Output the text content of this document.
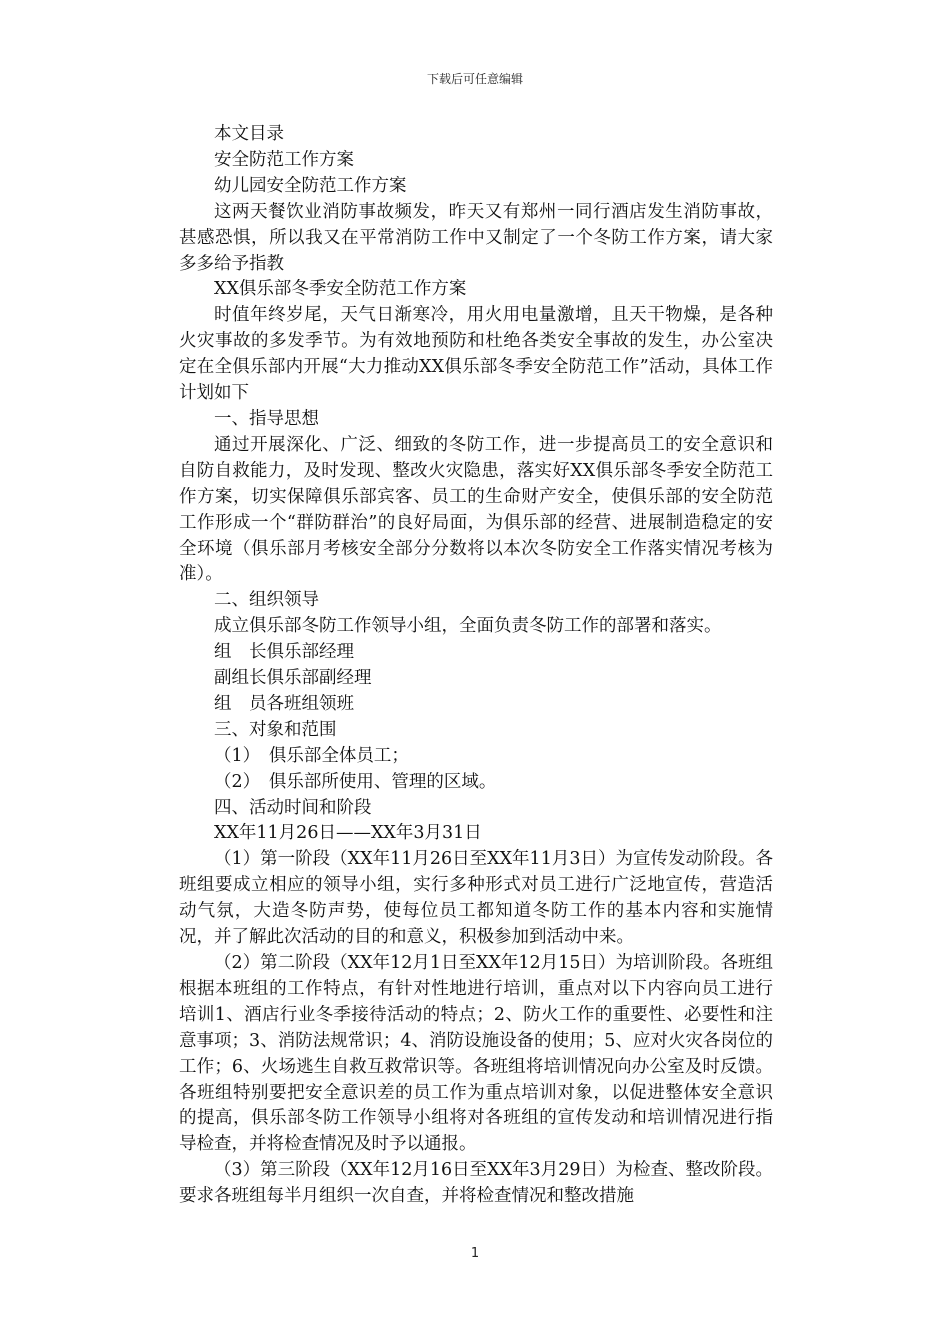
下载后可任意编辑

本文目录

安全防范工作方案

幼儿园安全防范工作方案

这两天餐饮业消防事故频发，昨天又有郑州一同行酒店发生消防事故，甚感恐惧，所以我又在平常消防工作中又制定了一个冬防工作方案，请大家多多给予指教

XX俱乐部冬季安全防范工作方案

时值年终岁尾，天气日渐寒冷，用火用电量激增，且天干物燥，是各种火灾事故的多发季节。为有效地预防和杜绝各类安全事故的发生，办公室决定在全俱乐部内开展“大力推动XX俱乐部冬季安全防范工作”活动，具体工作计划如下

一、指导思想

通过开展深化、广泛、细致的冬防工作，进一步提高员工的安全意识和自防自救能力，及时发现、整改火灾隐患，落实好XX俱乐部冬季安全防范工作方案，切实保障俱乐部宾客、员工的生命财产安全，使俱乐部的安全防范工作形成一个“群防群治”的良好局面，为俱乐部的经营、进展制造稳定的安全环境（俱乐部月考核安全部分分数将以本次冬防安全工作落实情况考核为准）。

二、组织领导

成立俱乐部冬防工作领导小组，全面负责冬防工作的部署和落实。

组　长俱乐部经理

副组长俱乐部副经理

组　员各班组领班

三、对象和范围

（1）　俱乐部全体员工；

（2）　俱乐部所使用、管理的区域。

四、活动时间和阶段

XX年11月26日——XX年3月31日

（1）第一阶段（XX年11月26日至XX年11月3日）为宣传发动阶段。各班组要成立相应的领导小组，实行多种形式对员工进行广泛地宣传，营造活动气氛，大造冬防声势，使每位员工都知道冬防工作的基本内容和实施情况，并了解此次活动的目的和意义，积极参加到活动中来。

（2）第二阶段（XX年12月1日至XX年12月15日）为培训阶段。各班组根据本班组的工作特点，有针对性地进行培训，重点对以下内容向员工进行培训1、酒店行业冬季接待活动的特点；2、防火工作的重要性、必要性和注意事项；3、消防法规常识；4、消防设施设备的使用；5、应对火灾各岗位的工作；6、火场逃生自救互救常识等。各班组将培训情况向办公室及时反馈。各班组特别要把安全意识差的员工作为重点培训对象，以促进整体安全意识的提高，俱乐部冬防工作领导小组将对各班组的宣传发动和培训情况进行指导检查，并将检查情况及时予以通报。

（3）第三阶段（XX年12月16日至XX年3月29日）为检查、整改阶段。要求各班组每半月组织一次自查，并将检查情况和整改措施

1
